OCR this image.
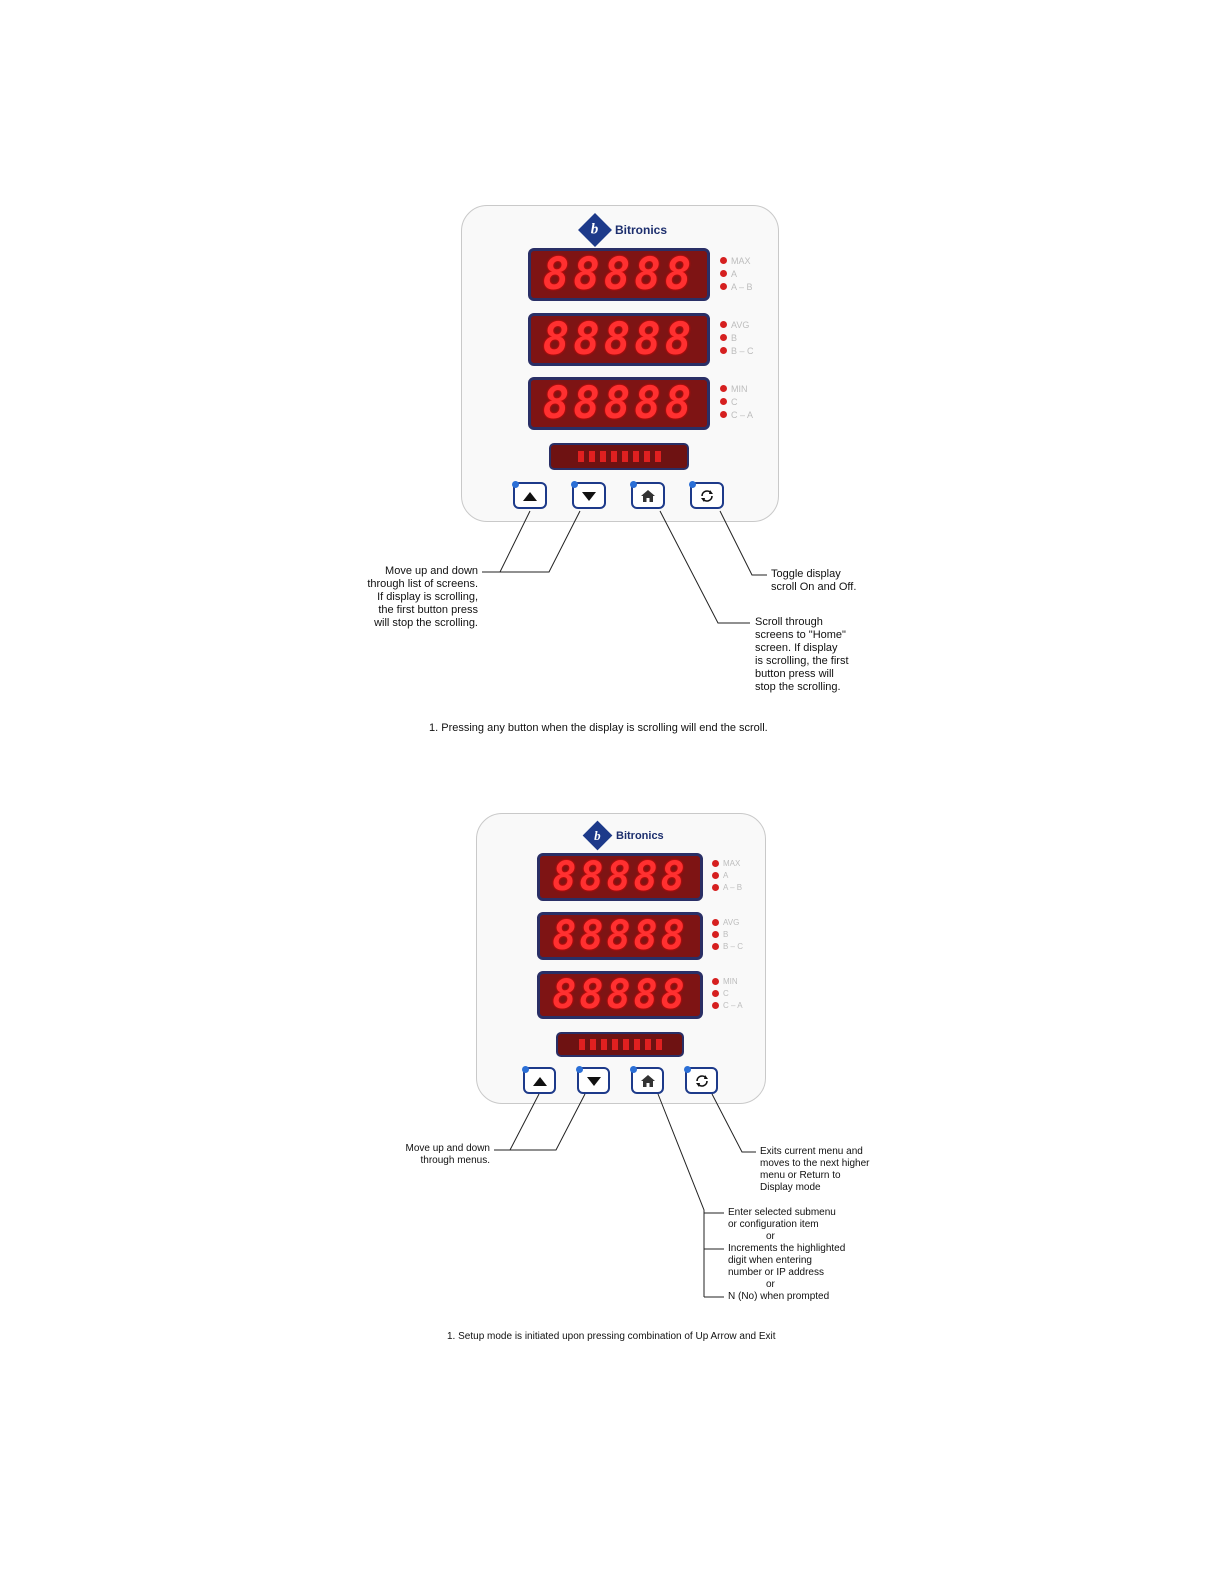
b Bitronics
88888
88888
88888
MAX
A
A – B
AVG
B
B – C
MIN
C
C – A
b Bitronics
88888
88888
88888
MAX
A
A – B
AVG
B
B – C
MIN
C
C – A
Move up and down
through list of screens.
If display is scrolling,
the first button press
will stop the scrolling.
Toggle display
scroll On and Off.
Scroll through
screens to "Home"
screen. If display
is scrolling, the first
button press will
stop the scrolling.
1. Pressing any button when the display is scrolling will end the scroll.
Move up and down
through menus.
Exits current menu and
moves to the next higher
menu or Return to
Display mode
Enter selected submenu
or configuration item
or
Increments the highlighted
digit when entering
number or IP address
or
N (No) when prompted
1. Setup mode is initiated upon pressing combination of Up Arrow and Exit
